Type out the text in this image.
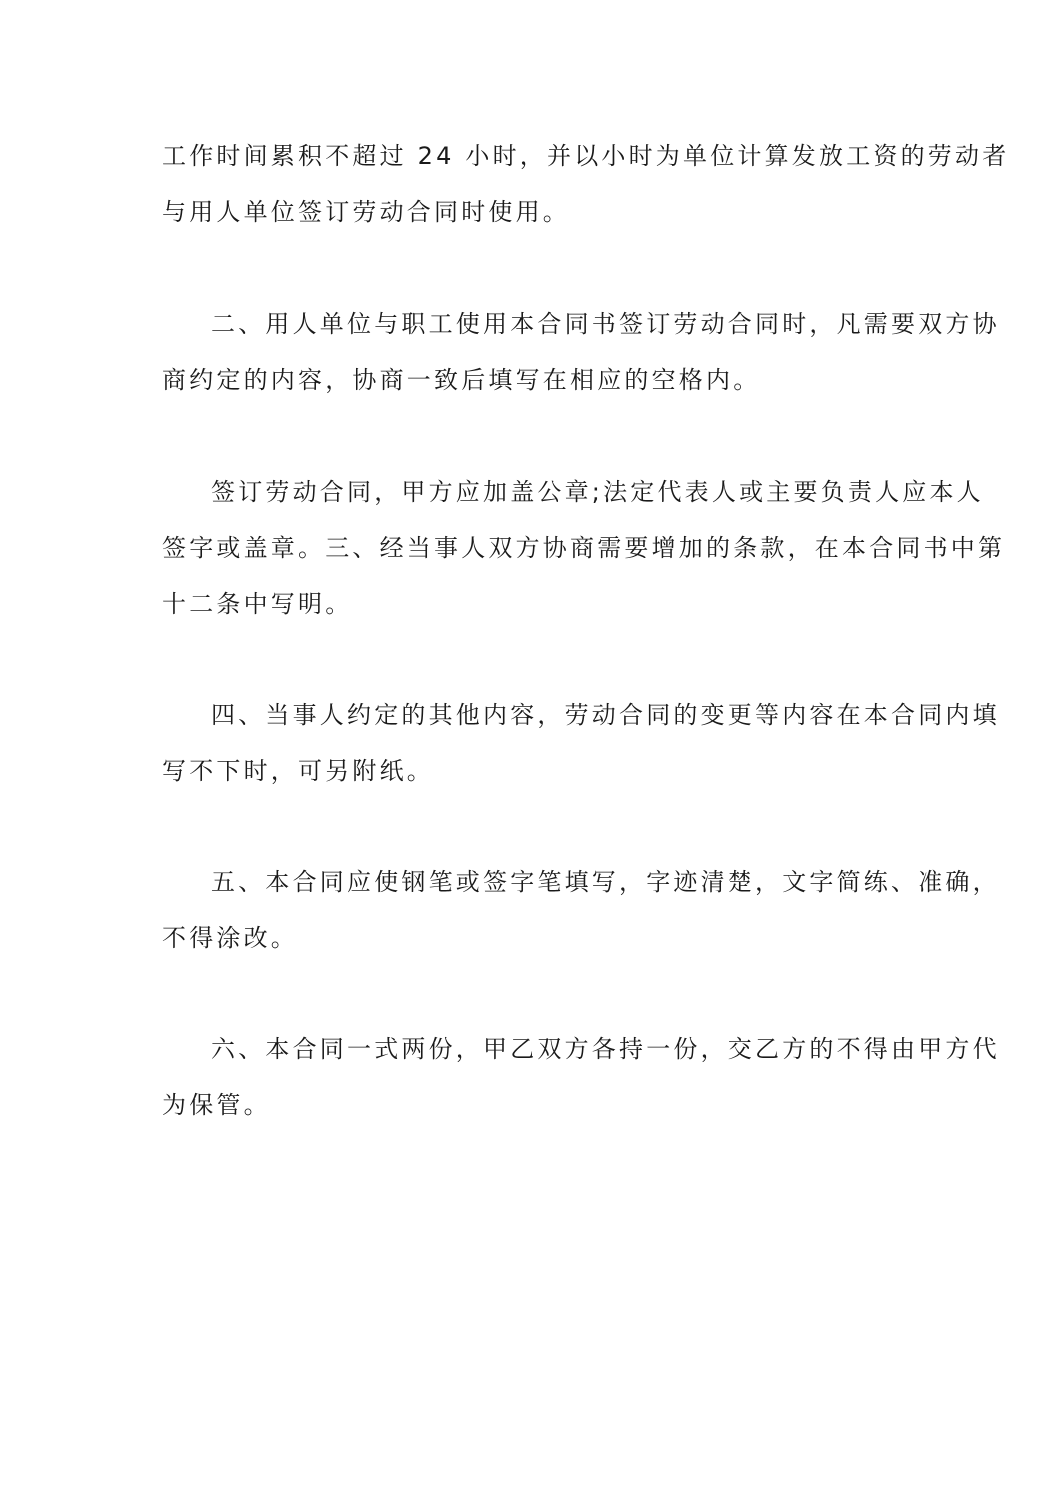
工作时间累积不超过 24 小时，并以小时为单位计算发放工资的劳动者
与用人单位签订劳动合同时使用。

二、用人单位与职工使用本合同书签订劳动合同时，凡需要双方协
商约定的内容，协商一致后填写在相应的空格内。

签订劳动合同，甲方应加盖公章;法定代表人或主要负责人应本人
签字或盖章。三、经当事人双方协商需要增加的条款，在本合同书中第
十二条中写明。

四、当事人约定的其他内容，劳动合同的变更等内容在本合同内填
写不下时，可另附纸。

五、本合同应使钢笔或签字笔填写，字迹清楚，文字简练、准确，
不得涂改。

六、本合同一式两份，甲乙双方各持一份，交乙方的不得由甲方代
为保管。
